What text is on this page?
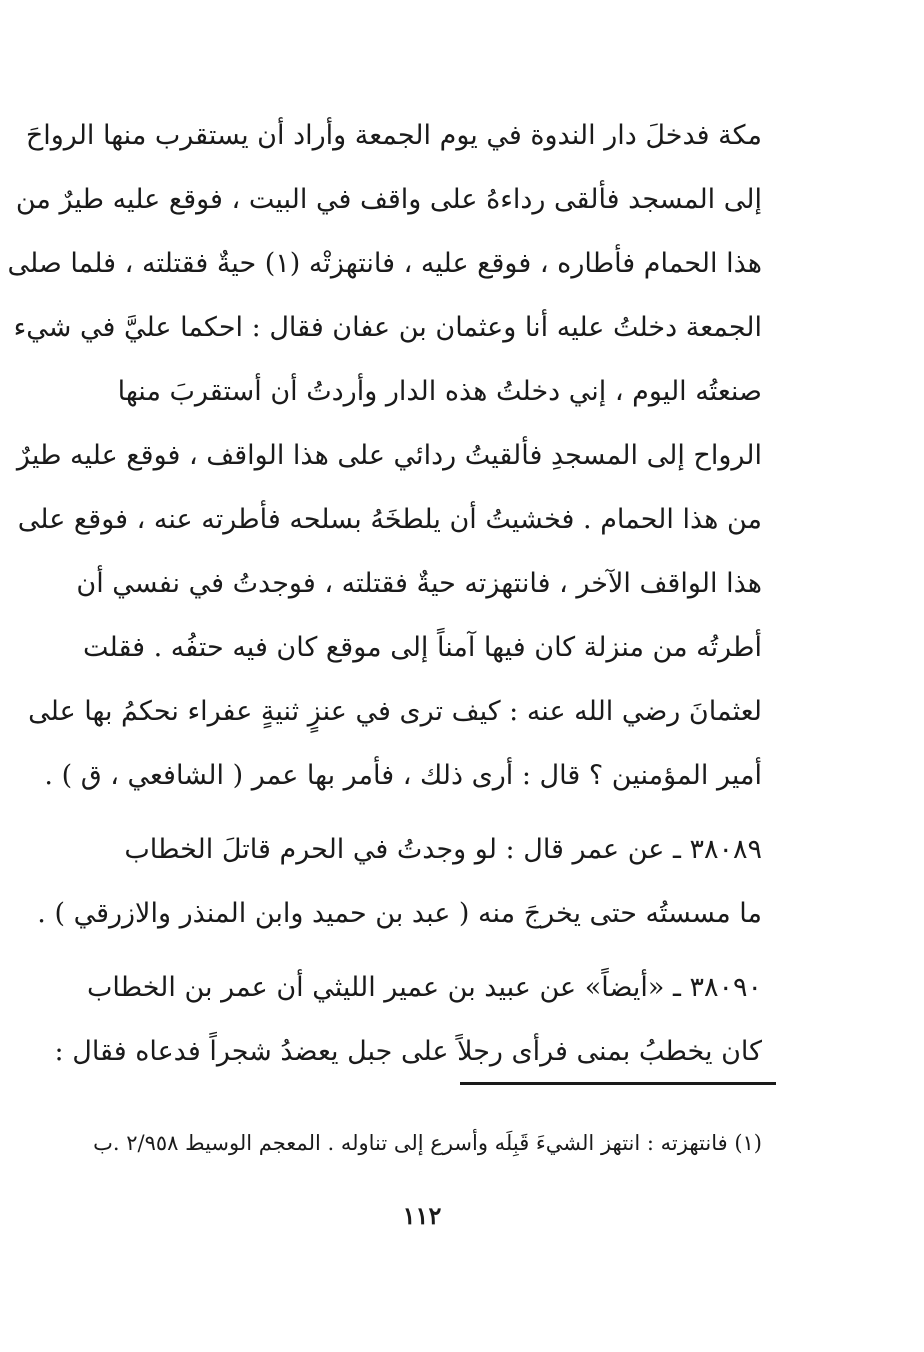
مكة فدخلَ دار الندوة في يوم الجمعة وأراد أن يستقرب منها الرواحَ
إلى المسجد فألقى رداءهُ على واقف في البيت ، فوقع عليه طيرٌ من
هذا الحمام فأطاره ، فوقع عليه ، فانتهزتْه (١) حيةٌ فقتلته ، فلما صلى
الجمعة دخلتُ عليه أنا وعثمان بن عفان فقال : احكما عليَّ في شيء
صنعتُه اليوم ، إني دخلتُ هذه الدار وأردتُ أن أستقربَ منها
الرواح إلى المسجدِ فألقيتُ ردائي على هذا الواقف ، فوقع عليه طيرٌ
من هذا الحمام . فخشيتُ أن يلطخَهُ بسلحه فأطرته عنه ، فوقع على
هذا الواقف الآخر ، فانتهزته حيةٌ فقتلته ، فوجدتُ في نفسي أن
أطرتُه من منزلة كان فيها آمناً إلى موقع كان فيه حتفُه . فقلت
لعثمانَ رضي الله عنه : كيف ترى في عنزٍ ثنيةٍ عفراء نحكمُ بها على
أمير المؤمنين ؟ قال : أرى ذلك ، فأمر بها عمر ( الشافعي ، ق ) .
٣٨٠٨٩ ـ عن عمر قال : لو وجدتُ في الحرم قاتلَ الخطاب
ما مسستُه حتى يخرجَ منه ( عبد بن حميد وابن المنذر والازرقي ) .
٣٨٠٩٠ ـ «أيضاً» عن عبيد بن عمير الليثي أن عمر بن الخطاب
كان يخطبُ بمنى فرأى رجلاً على جبل يعضدُ شجراً فدعاه فقال :
(١) فانتهزته : انتهز الشيءَ قَبِلَه وأسرع إلى تناوله . المعجم الوسيط ٢/٩٥٨ .ب
١١٢
